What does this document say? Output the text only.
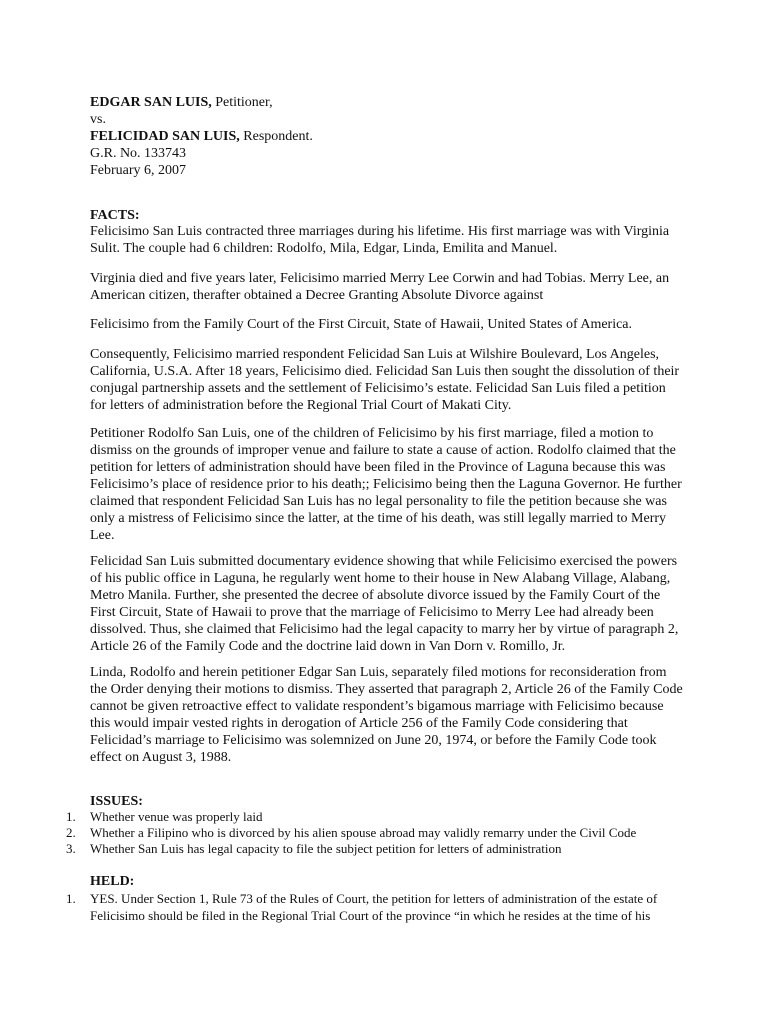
EDGAR SAN LUIS, Petitioner,
vs.
FELICIDAD SAN LUIS, Respondent.
G.R. No. 133743
February 6, 2007
FACTS:
Felicisimo San Luis contracted three marriages during his lifetime. His first marriage was with Virginia
Sulit. The couple had 6 children: Rodolfo, Mila, Edgar, Linda, Emilita and Manuel.
Virginia died and five years later, Felicisimo married Merry Lee Corwin and had Tobias. Merry Lee, an
American citizen, therafter obtained a Decree Granting Absolute Divorce against
Felicisimo from the Family Court of the First Circuit, State of Hawaii, United States of America.
Consequently, Felicisimo married respondent Felicidad San Luis at Wilshire Boulevard, Los Angeles,
California, U.S.A. After 18 years, Felicisimo died. Felicidad San Luis then sought the dissolution of their
conjugal partnership assets and the settlement of Felicisimo’s estate. Felicidad San Luis filed a petition
for letters of administration before the Regional Trial Court of Makati City.
Petitioner Rodolfo San Luis, one of the children of Felicisimo by his first marriage, filed a motion to
dismiss on the grounds of improper venue and failure to state a cause of action. Rodolfo claimed that the
petition for letters of administration should have been filed in the Province of Laguna because this was
Felicisimo’s place of residence prior to his death;; Felicisimo being then the Laguna Governor. He further
claimed that respondent Felicidad San Luis has no legal personality to file the petition because she was
only a mistress of Felicisimo since the latter, at the time of his death, was still legally married to Merry
Lee.
Felicidad San Luis submitted documentary evidence showing that while Felicisimo exercised the powers
of his public office in Laguna, he regularly went home to their house in New Alabang Village, Alabang,
Metro Manila. Further, she presented the decree of absolute divorce issued by the Family Court of the
First Circuit, State of Hawaii to prove that the marriage of Felicisimo to Merry Lee had already been
dissolved. Thus, she claimed that Felicisimo had the legal capacity to marry her by virtue of paragraph 2,
Article 26 of the Family Code and the doctrine laid down in Van Dorn v. Romillo, Jr.
Linda, Rodolfo and herein petitioner Edgar San Luis, separately filed motions for reconsideration from
the Order denying their motions to dismiss. They asserted that paragraph 2, Article 26 of the Family Code
cannot be given retroactive effect to validate respondent’s bigamous marriage with Felicisimo because
this would impair vested rights in derogation of Article 256 of the Family Code considering that
Felicidad’s marriage to Felicisimo was solemnized on June 20, 1974, or before the Family Code took
effect on August 3, 1988.
ISSUES:
1. Whether venue was properly laid
2. Whether a Filipino who is divorced by his alien spouse abroad may validly remarry under the Civil Code
3. Whether San Luis has legal capacity to file the subject petition for letters of administration
HELD:
1. YES. Under Section 1, Rule 73 of the Rules of Court, the petition for letters of administration of the estate of
Felicisimo should be filed in the Regional Trial Court of the province “in which he resides at the time of his
